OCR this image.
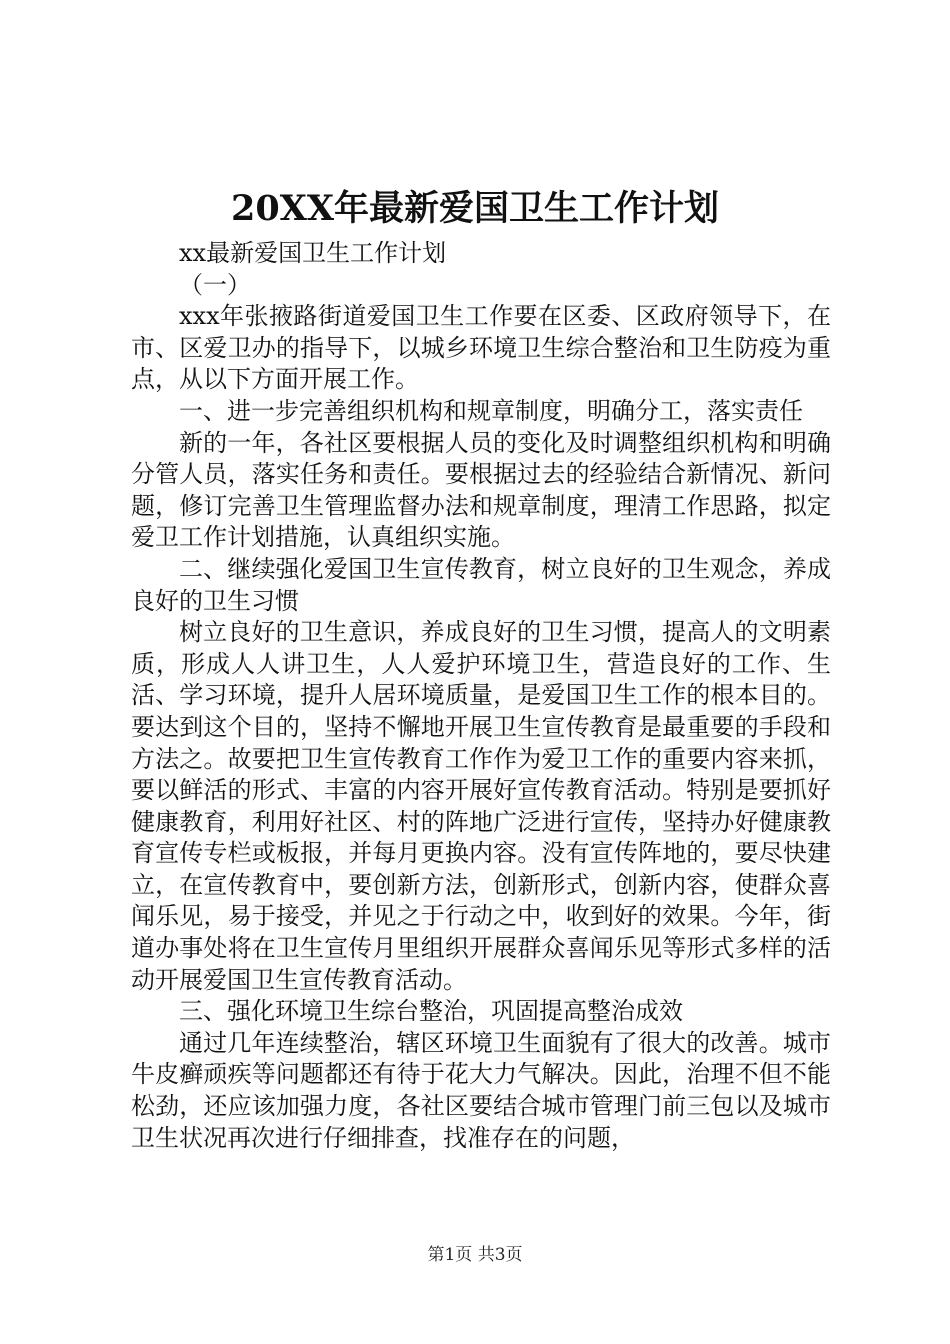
20XX年最新爱国卫生工作计划

xx最新爱国卫生工作计划

（一）

xxx年张掖路街道爱国卫生工作要在区委、区政府领导下，在市、区爱卫办的指导下，以城乡环境卫生综合整治和卫生防疫为重点，从以下方面开展工作。

一、进一步完善组织机构和规章制度，明确分工，落实责任

新的一年，各社区要根据人员的变化及时调整组织机构和明确分管人员，落实任务和责任。要根据过去的经验结合新情况、新问题，修订完善卫生管理监督办法和规章制度，理清工作思路，拟定爱卫工作计划措施，认真组织实施。

二、继续强化爱国卫生宣传教育，树立良好的卫生观念，养成良好的卫生习惯

树立良好的卫生意识，养成良好的卫生习惯，提高人的文明素质，形成人人讲卫生，人人爱护环境卫生，营造良好的工作、生活、学习环境，提升人居环境质量，是爱国卫生工作的根本目的。要达到这个目的，坚持不懈地开展卫生宣传教育是最重要的手段和方法之。故要把卫生宣传教育工作作为爱卫工作的重要内容来抓，要以鲜活的形式、丰富的内容开展好宣传教育活动。特别是要抓好健康教育，利用好社区、村的阵地广泛进行宣传，坚持办好健康教育宣传专栏或板报，并每月更换内容。没有宣传阵地的，要尽快建立，在宣传教育中，要创新方法，创新形式，创新内容，使群众喜闻乐见，易于接受，并见之于行动之中，收到好的效果。今年，街道办事处将在卫生宣传月里组织开展群众喜闻乐见等形式多样的活动开展爱国卫生宣传教育活动。

三、强化环境卫生综台整治，巩固提高整治成效

通过几年连续整治，辖区环境卫生面貌有了很大的改善。城市牛皮癣顽疾等问题都还有待于花大力气解决。因此，治理不但不能松劲，还应该加强力度，各社区要结合城市管理门前三包以及城市卫生状况再次进行仔细排查，找准存在的问题，

第1页 共3页
